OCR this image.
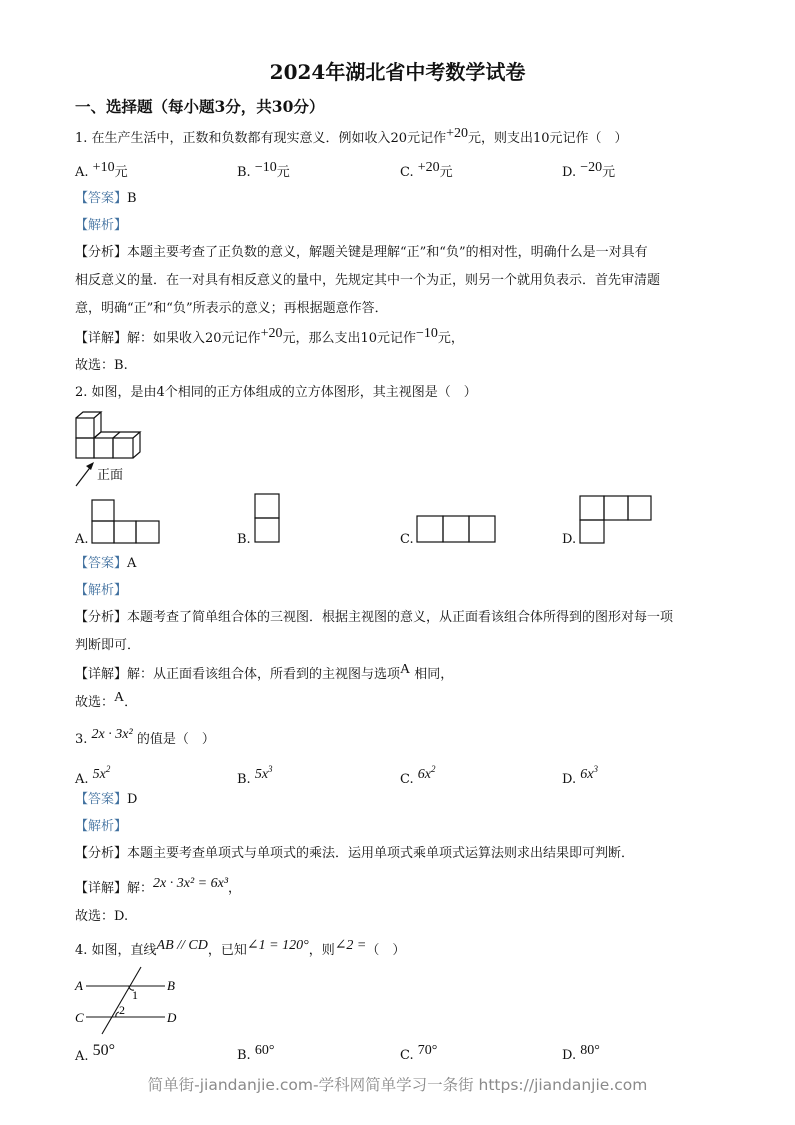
2024年湖北省中考数学试卷
一、选择题（每小题3分，共30分）
1. 在生产生活中，正数和负数都有现实意义．例如收入20元记作+20元，则支出10元记作（　）
A. +10元	B. −10元	C. +20元	D. −20元
【答案】B
【解析】
【分析】本题主要考查了正负数的意义，解题关键是理解“正”和“负”的相对性，明确什么是一对具有
相反意义的量．在一对具有相反意义的量中，先规定其中一个为正，则另一个就用负表示．首先审清题
意，明确“正”和“负”所表示的意义；再根据题意作答．
【详解】解：如果收入20元记作+20元，那么支出10元记作−10元，
故选：B.
2. 如图，是由4个相同的正方体组成的立方体图形，其主视图是（　）
正面
A.	B.	C.	D.
【答案】A
【解析】
【分析】本题考查了简单组合体的三视图．根据主视图的意义，从正面看该组合体所得到的图形对每一项
判断即可．
【详解】解：从正面看该组合体，所看到的主视图与选项A 相同，
故选：A．
3. 2x · 3x² 的值是（　）
A. $5x^2$
B. $5x^3$
C. $6x^2$
D. $6x^3$
【答案】D
【解析】
【分析】本题主要考查单项式与单项式的乘法．运用单项式乘单项式运算法则求出结果即可判断．
【详解】解：2x · 3x² = 6x³，
故选：D.
4. 如图，直线AB // CD，已知∠1 = 120°，则∠2 =（　）
A	B
C	D
1
2
A. 50°	B. 60°	C. 70°	D. 80°
简单街-jiandanjie.com-学科网简单学习一条街 https://jiandanjie.com
